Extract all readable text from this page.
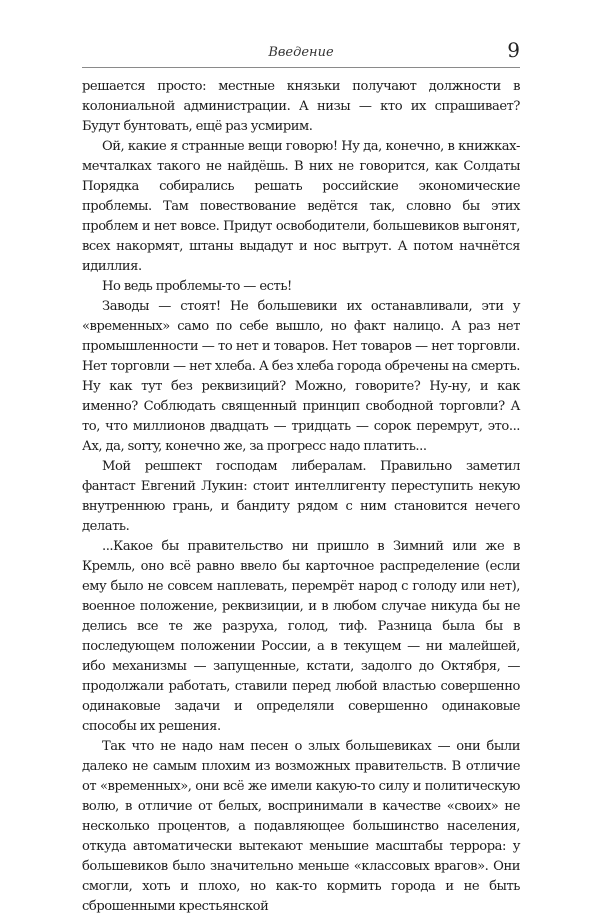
Введение	9

решается просто: местные князьки получают должности в колониальной администрации. А низы — кто их спрашивает? Будут бунтовать, ещё раз усмирим.

Ой, какие я странные вещи говорю! Ну да, конечно, в книжках-мечталках такого не найдёшь. В них не говорится, как Солдаты Порядка собирались решать российские экономические проблемы. Там повествование ведётся так, словно бы этих проблем и нет вовсе. Придут освободители, большевиков выгонят, всех накормят, штаны выдадут и нос вытрут. А потом начнётся идиллия.

Но ведь проблемы-то — есть!

Заводы — стоят! Не большевики их останавливали, эти у «временных» само по себе вышло, но факт налицо. А раз нет промышленности — то нет и товаров. Нет товаров — нет торговли. Нет торговли — нет хлеба. А без хлеба города обречены на смерть. Ну как тут без реквизиций? Можно, говорите? Ну-ну, и как именно? Соблюдать священный принцип свободной торговли? А то, что миллионов двадцать — тридцать — сорок перемрут, это... Ах, да, sorry, конечно же, за прогресс надо платить...

Мой решпект господам либералам. Правильно заметил фантаст Евгений Лукин: стоит интеллигенту переступить некую внутреннюю грань, и бандиту рядом с ним становится нечего делать.

...Какое бы правительство ни пришло в Зимний или же в Кремль, оно всё равно ввело бы карточное распределение (если ему было не совсем наплевать, перемрёт народ с голоду или нет), военное положение, реквизиции, и в любом случае никуда бы не делись все те же разруха, голод, тиф. Разница была бы в последующем положении России, а в текущем — ни малейшей, ибо механизмы — запущенные, кстати, задолго до Октября, — продолжали работать, ставили перед любой властью совершенно одинаковые задачи и определяли совершенно одинаковые способы их решения.

Так что не надо нам песен о злых большевиках — они были далеко не самым плохим из возможных правительств. В отличие от «временных», они всё же имели какую-то силу и политическую волю, в отличие от белых, воспринимали в качестве «своих» не несколько процентов, а подавляющее большинство населения, откуда автоматически вытекают меньшие масштабы террора: у большевиков было значительно меньше «классовых врагов». Они смогли, хоть и плохо, но как-то кормить города и не быть сброшенными крестьянской
